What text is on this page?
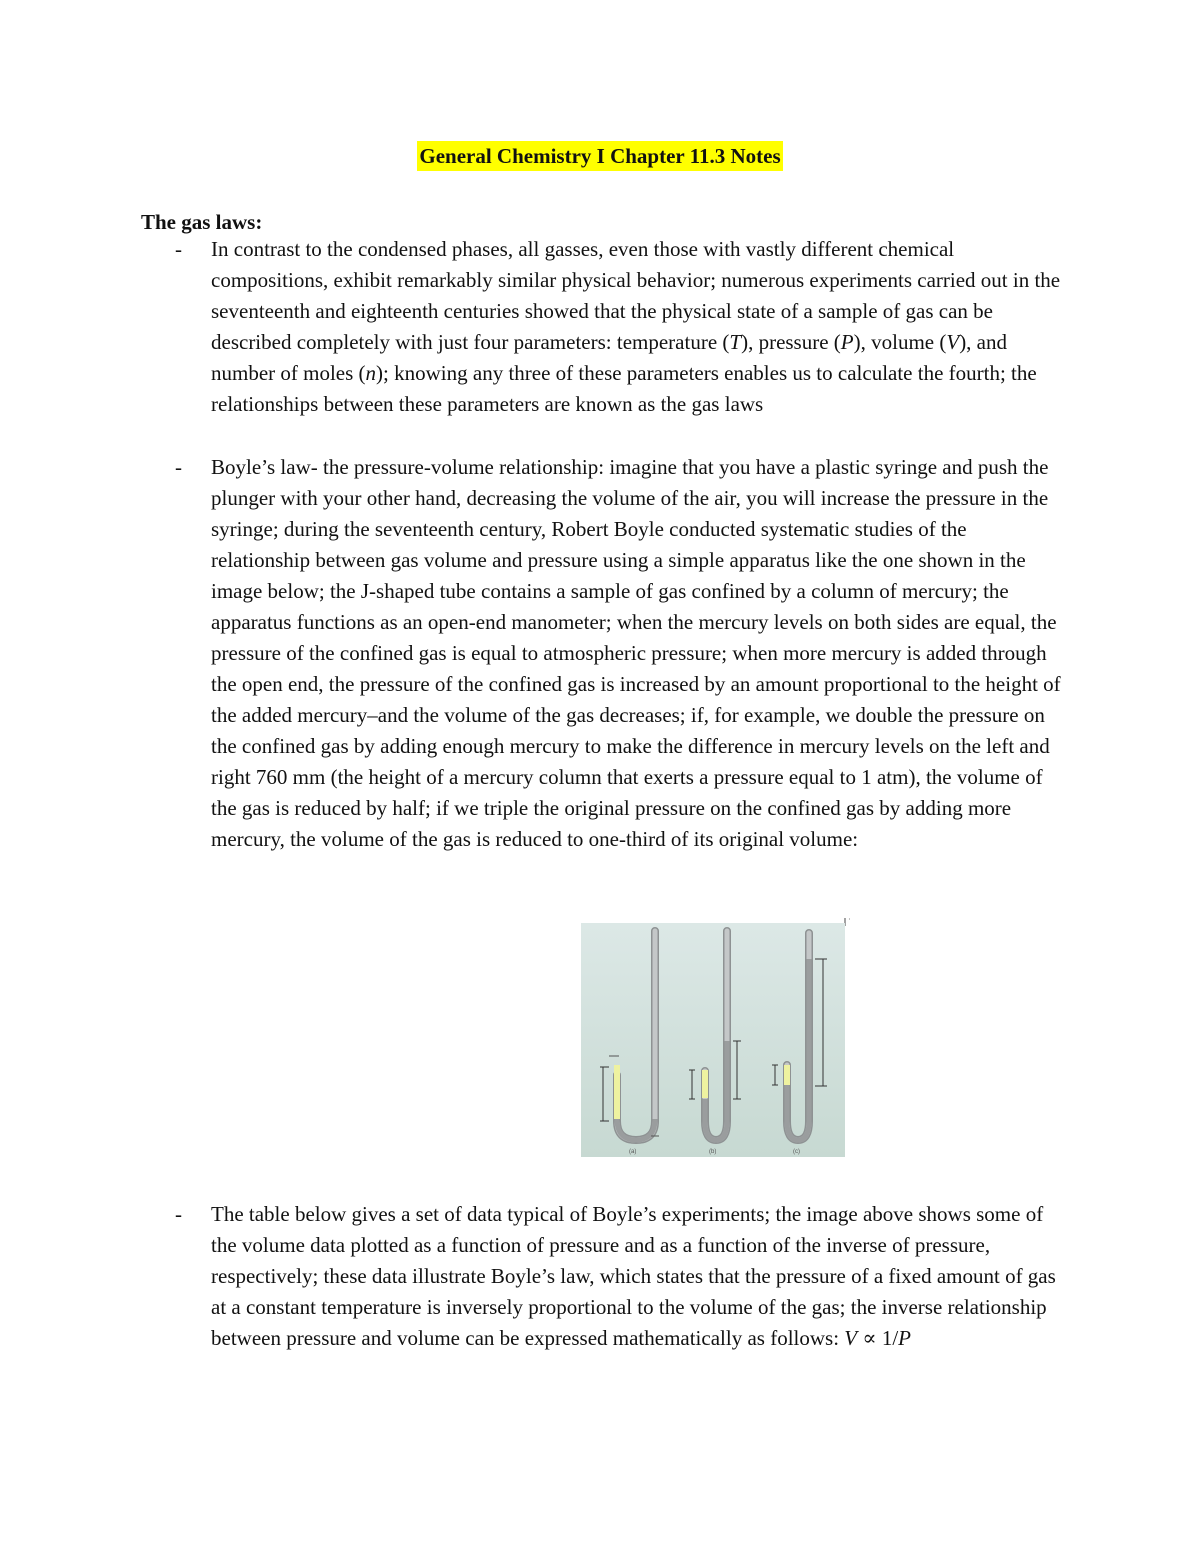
General Chemistry I Chapter 11.3 Notes
The gas laws:
- In contrast to the condensed phases, all gasses, even those with vastly different chemical compositions, exhibit remarkably similar physical behavior; numerous experiments carried out in the seventeenth and eighteenth centuries showed that the physical state of a sample of gas can be described completely with just four parameters: temperature (T), pressure (P), volume (V), and number of moles (n); knowing any three of these parameters enables us to calculate the fourth; the relationships between these parameters are known as the gas laws
- Boyle’s law- the pressure-volume relationship: imagine that you have a plastic syringe and push the plunger with your other hand, decreasing the volume of the air, you will increase the pressure in the syringe; during the seventeenth century, Robert Boyle conducted systematic studies of the relationship between gas volume and pressure using a simple apparatus like the one shown in the image below; the J-shaped tube contains a sample of gas confined by a column of mercury; the apparatus functions as an open-end manometer; when the mercury levels on both sides are equal, the pressure of the confined gas is equal to atmospheric pressure; when more mercury is added through the open end, the pressure of the confined gas is increased by an amount proportional to the height of the added mercury–and the volume of the gas decreases; if, for example, we double the pressure on the confined gas by adding enough mercury to make the difference in mercury levels on the left and right 760 mm (the height of a mercury column that exerts a pressure equal to 1 atm), the volume of the gas is reduced by half; if we triple the original pressure on the confined gas by adding more mercury, the volume of the gas is reduced to one-third of its original volume:
(a)	(b)	(c)
- The table below gives a set of data typical of Boyle’s experiments; the image above shows some of the volume data plotted as a function of pressure and as a function of the inverse of pressure, respectively; these data illustrate Boyle’s law, which states that the pressure of a fixed amount of gas at a constant temperature is inversely proportional to the volume of the gas; the inverse relationship between pressure and volume can be expressed mathematically as follows: V ∝ 1/P
